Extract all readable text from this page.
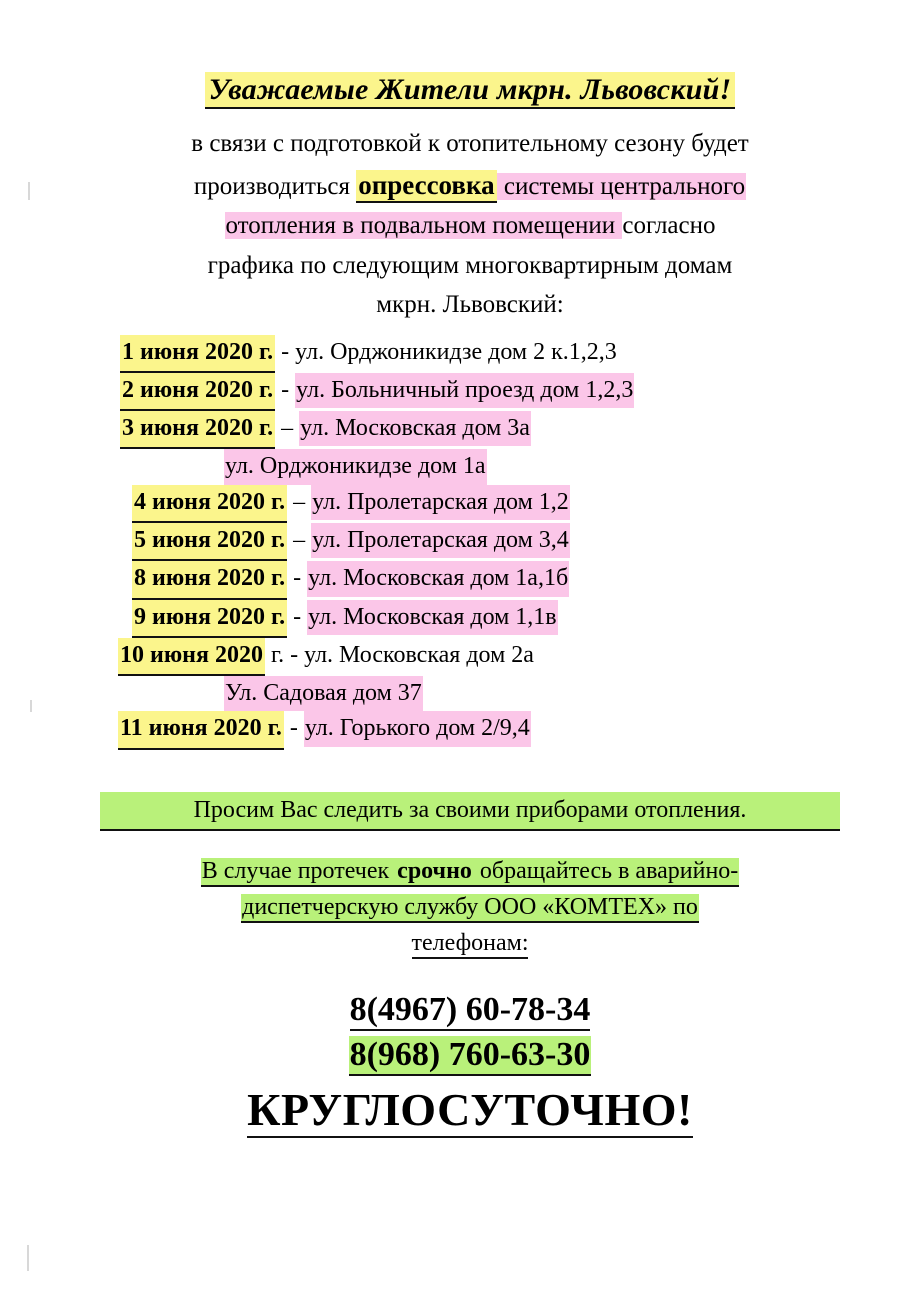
Уважаемые Жители мкрн. Львовский!
в связи с подготовкой к отопительному сезону будет
производиться опрессовка системы центрального
отопления в подвальном помещении согласно
графика по следующим многоквартирным домам
мкрн. Львовский:
1 июня 2020 г. - ул. Орджоникидзе дом 2 к.1,2,3
2 июня 2020 г. - ул. Больничный проезд дом 1,2,3
3 июня 2020 г. – ул. Московская дом 3а
ул. Орджоникидзе дом 1а
4 июня 2020 г. – ул. Пролетарская дом 1,2
5 июня 2020 г. – ул. Пролетарская дом 3,4
8 июня 2020 г. - ул. Московская дом 1а,1б
9 июня 2020 г. - ул. Московская дом 1,1в
10 июня 2020 г. - ул. Московская дом 2а
Ул. Садовая дом 37
11 июня 2020 г. - ул. Горького дом 2/9,4
Просим Вас следить за своими приборами отопления.
В случае протечек срочно обращайтесь в аварийно-
диспетчерскую службу ООО «КОМТЕХ» по
телефонам:
8(4967) 60-78-34
8(968) 760-63-30
КРУГЛОСУТОЧНО!
